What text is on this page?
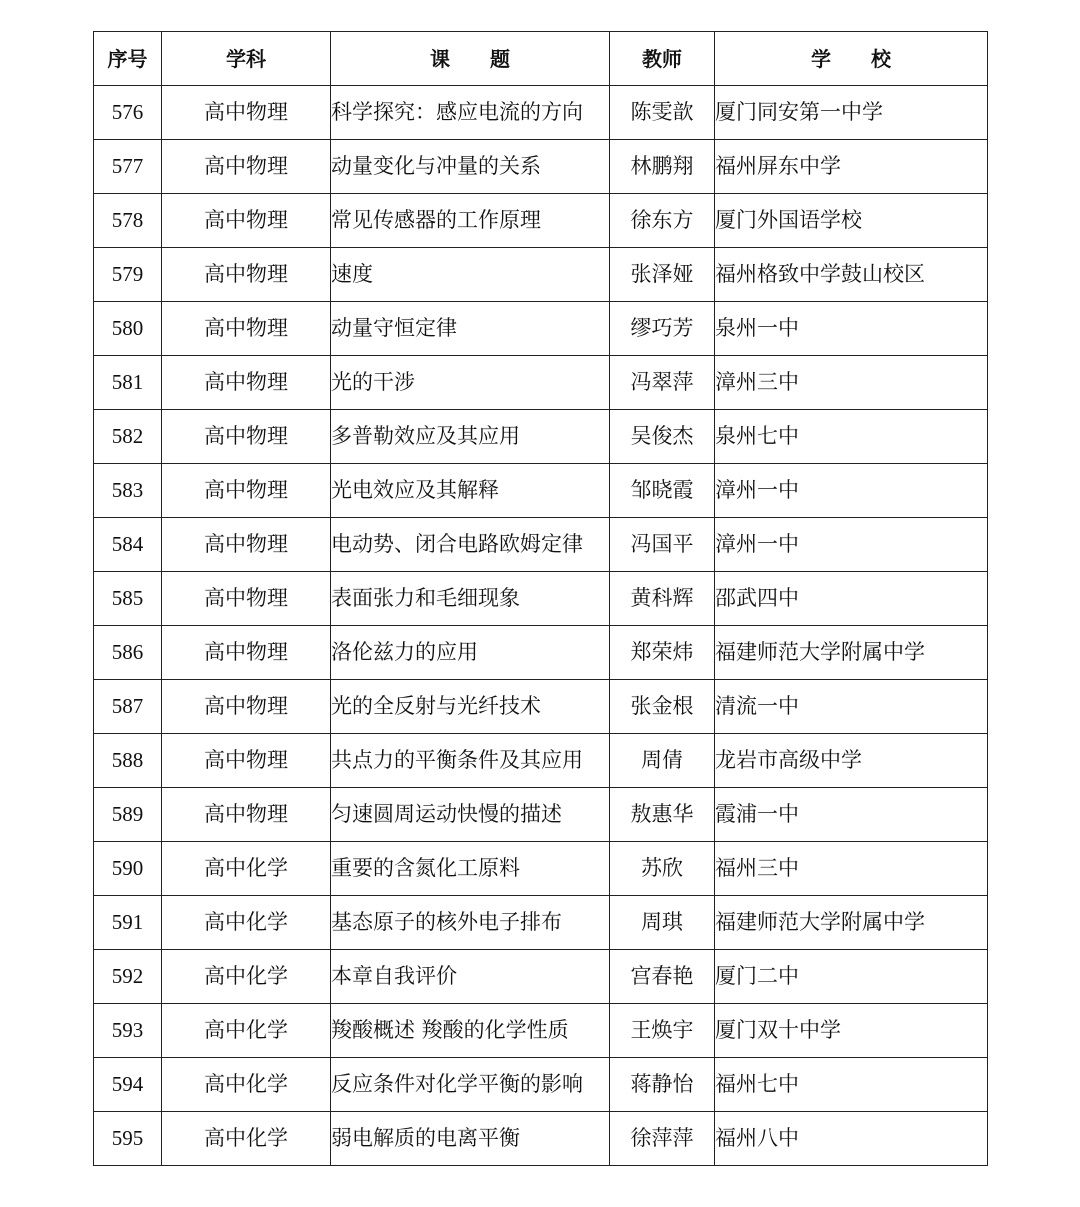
序号	学科	课　　题	教师	学　　校
576	高中物理	科学探究：感应电流的方向	陈雯歆	厦门同安第一中学
577	高中物理	动量变化与冲量的关系	林鹏翔	福州屏东中学
578	高中物理	常见传感器的工作原理	徐东方	厦门外国语学校
579	高中物理	速度	张泽娅	福州格致中学鼓山校区
580	高中物理	动量守恒定律	缪巧芳	泉州一中
581	高中物理	光的干涉	冯翠萍	漳州三中
582	高中物理	多普勒效应及其应用	吴俊杰	泉州七中
583	高中物理	光电效应及其解释	邹晓霞	漳州一中
584	高中物理	电动势、闭合电路欧姆定律	冯国平	漳州一中
585	高中物理	表面张力和毛细现象	黄科辉	邵武四中
586	高中物理	洛伦兹力的应用	郑荣炜	福建师范大学附属中学
587	高中物理	光的全反射与光纤技术	张金根	清流一中
588	高中物理	共点力的平衡条件及其应用	周倩	龙岩市高级中学
589	高中物理	匀速圆周运动快慢的描述	敖惠华	霞浦一中
590	高中化学	重要的含氮化工原料	苏欣	福州三中
591	高中化学	基态原子的核外电子排布	周琪	福建师范大学附属中学
592	高中化学	本章自我评价	宫春艳	厦门二中
593	高中化学	羧酸概述 羧酸的化学性质	王焕宇	厦门双十中学
594	高中化学	反应条件对化学平衡的影响	蒋静怡	福州七中
595	高中化学	弱电解质的电离平衡	徐萍萍	福州八中
